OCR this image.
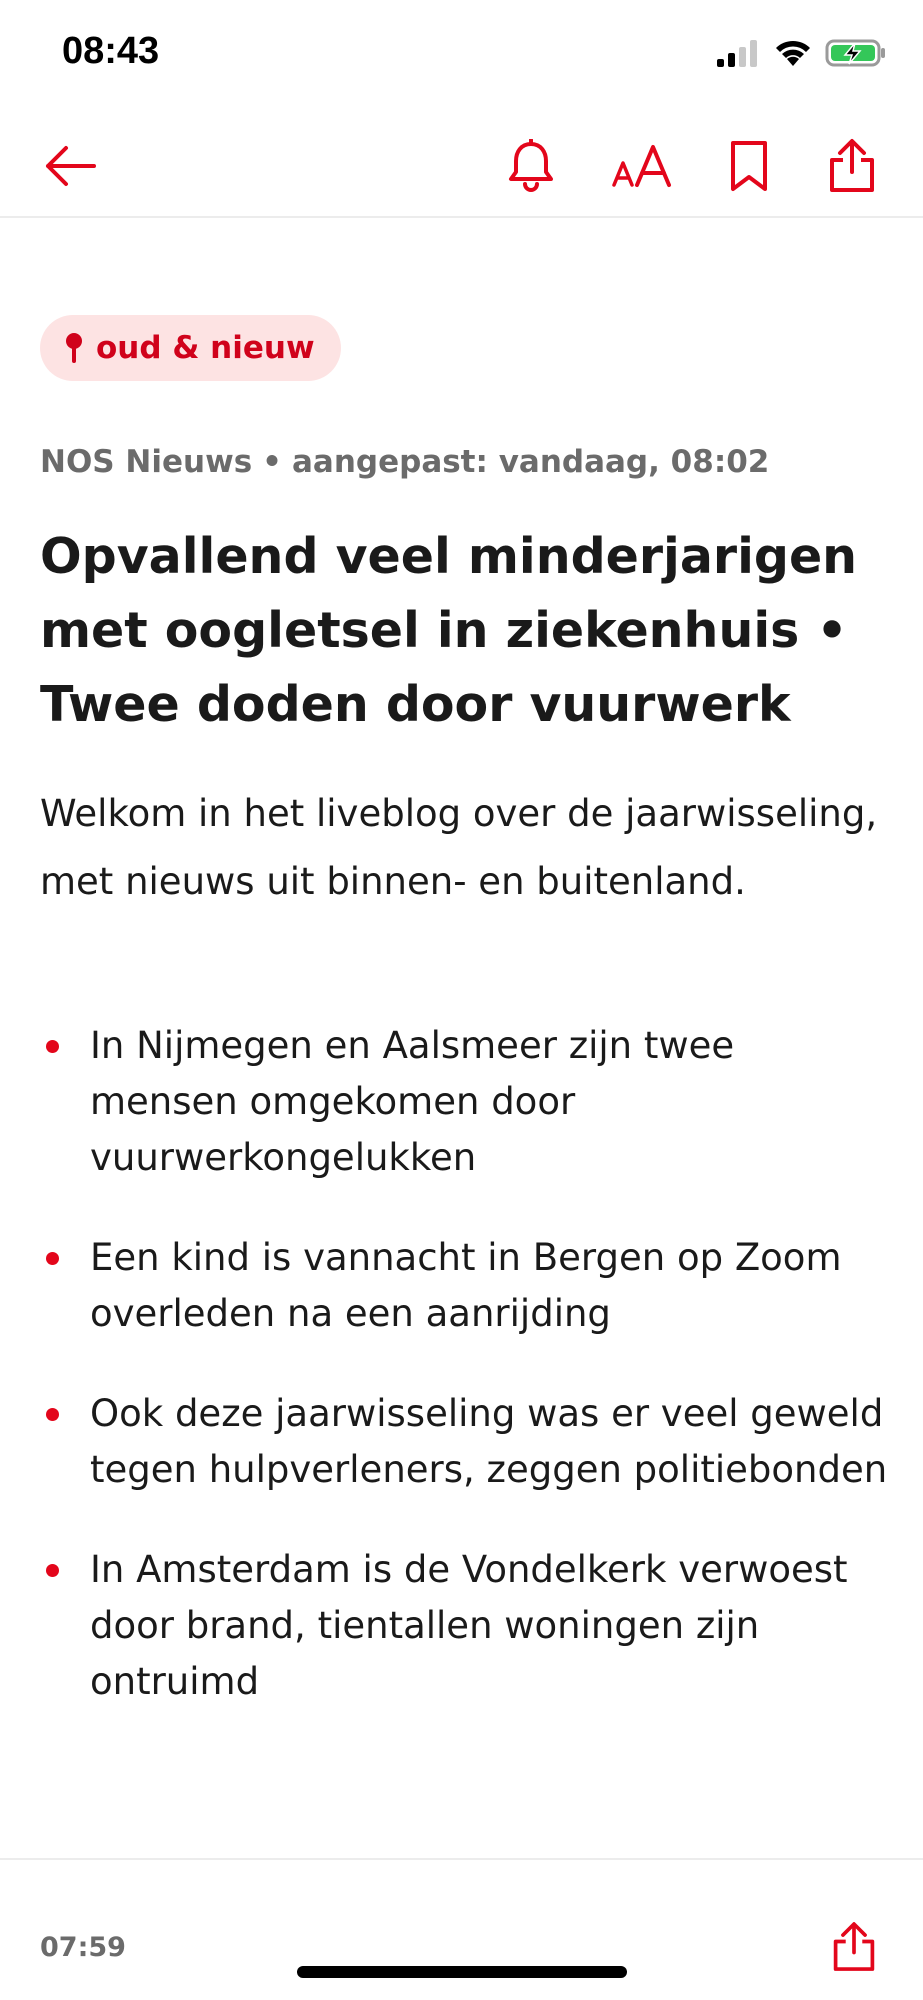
08:43
oud & nieuw
NOS Nieuws • aangepast: vandaag, 08:02
Opvallend veel minderjarigen met oogletsel in ziekenhuis • Twee doden door vuurwerk

Welkom in het liveblog over de jaarwisseling, met nieuws uit binnen- en buitenland.

In Nijmegen en Aalsmeer zijn twee mensen omgekomen door vuurwerkongelukken
Een kind is vannacht in Bergen op Zoom overleden na een aanrijding
Ook deze jaarwisseling was er veel geweld tegen hulpverleners, zeggen politiebonden
In Amsterdam is de Vondelkerk verwoest door brand, tientallen woningen zijn ontruimd
07:59
